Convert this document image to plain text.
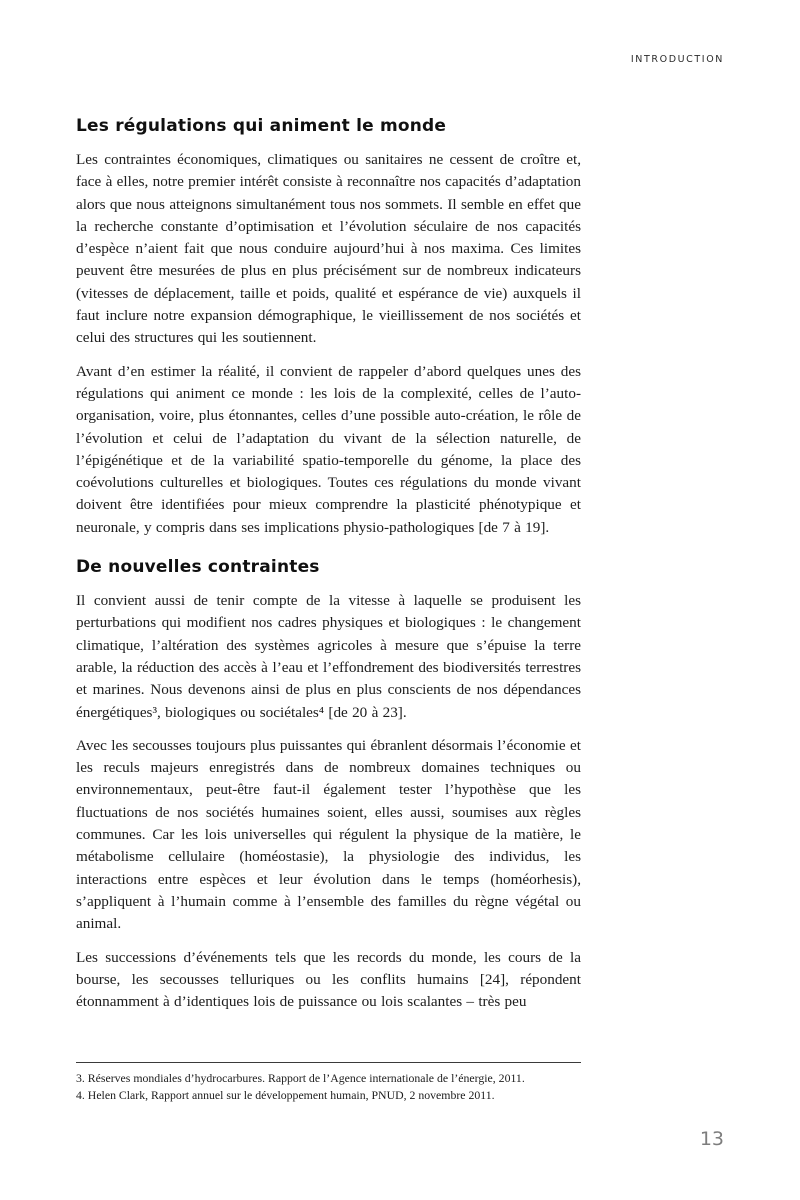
INTRODUCTION
Les régulations qui animent le monde

Les contraintes économiques, climatiques ou sanitaires ne cessent de croître et, face à elles, notre premier intérêt consiste à reconnaître nos capacités d’adaptation alors que nous atteignons simultanément tous nos sommets. Il semble en effet que la recherche constante d’optimisation et l’évolution séculaire de nos capacités d’espèce n’aient fait que nous conduire aujourd’hui à nos maxima. Ces limites peuvent être mesurées de plus en plus précisément sur de nombreux indicateurs (vitesses de déplacement, taille et poids, qualité et espérance de vie) auxquels il faut inclure notre expansion démographique, le vieillissement de nos sociétés et celui des structures qui les soutiennent.

Avant d’en estimer la réalité, il convient de rappeler d’abord quelques unes des régulations qui animent ce monde : les lois de la complexité, celles de l’auto-organisation, voire, plus étonnantes, celles d’une possible auto-création, le rôle de l’évolution et celui de l’adaptation du vivant de la sélection naturelle, de l’épigénétique et de la variabilité spatio-temporelle du génome, la place des coévolutions culturelles et biologiques. Toutes ces régulations du monde vivant doivent être identifiées pour mieux comprendre la plasticité phénotypique et neuronale, y compris dans ses implications physio-pathologiques [de 7 à 19].

De nouvelles contraintes

Il convient aussi de tenir compte de la vitesse à laquelle se produisent les perturbations qui modifient nos cadres physiques et biologiques : le changement climatique, l’altération des systèmes agricoles à mesure que s’épuise la terre arable, la réduction des accès à l’eau et l’effondrement des biodiversités terrestres et marines. Nous devenons ainsi de plus en plus conscients de nos dépendances énergétiques³, biologiques ou sociétales⁴ [de 20 à 23].

Avec les secousses toujours plus puissantes qui ébranlent désormais l’économie et les reculs majeurs enregistrés dans de nombreux domaines techniques ou environnementaux, peut-être faut-il également tester l’hypothèse que les fluctuations de nos sociétés humaines soient, elles aussi, soumises aux règles communes. Car les lois universelles qui régulent la physique de la matière, le métabolisme cellulaire (homéostasie), la physiologie des individus, les interactions entre espèces et leur évolution dans le temps (homéorhesis), s’appliquent à l’humain comme à l’ensemble des familles du règne végétal ou animal.

Les successions d’événements tels que les records du monde, les cours de la bourse, les secousses telluriques ou les conflits humains [24], répondent étonnamment à d’identiques lois de puissance ou lois scalantes – très peu

3. Réserves mondiales d’hydrocarbures. Rapport de l’Agence internationale de l’énergie, 2011.
4. Helen Clark, Rapport annuel sur le développement humain, PNUD, 2 novembre 2011.
13
